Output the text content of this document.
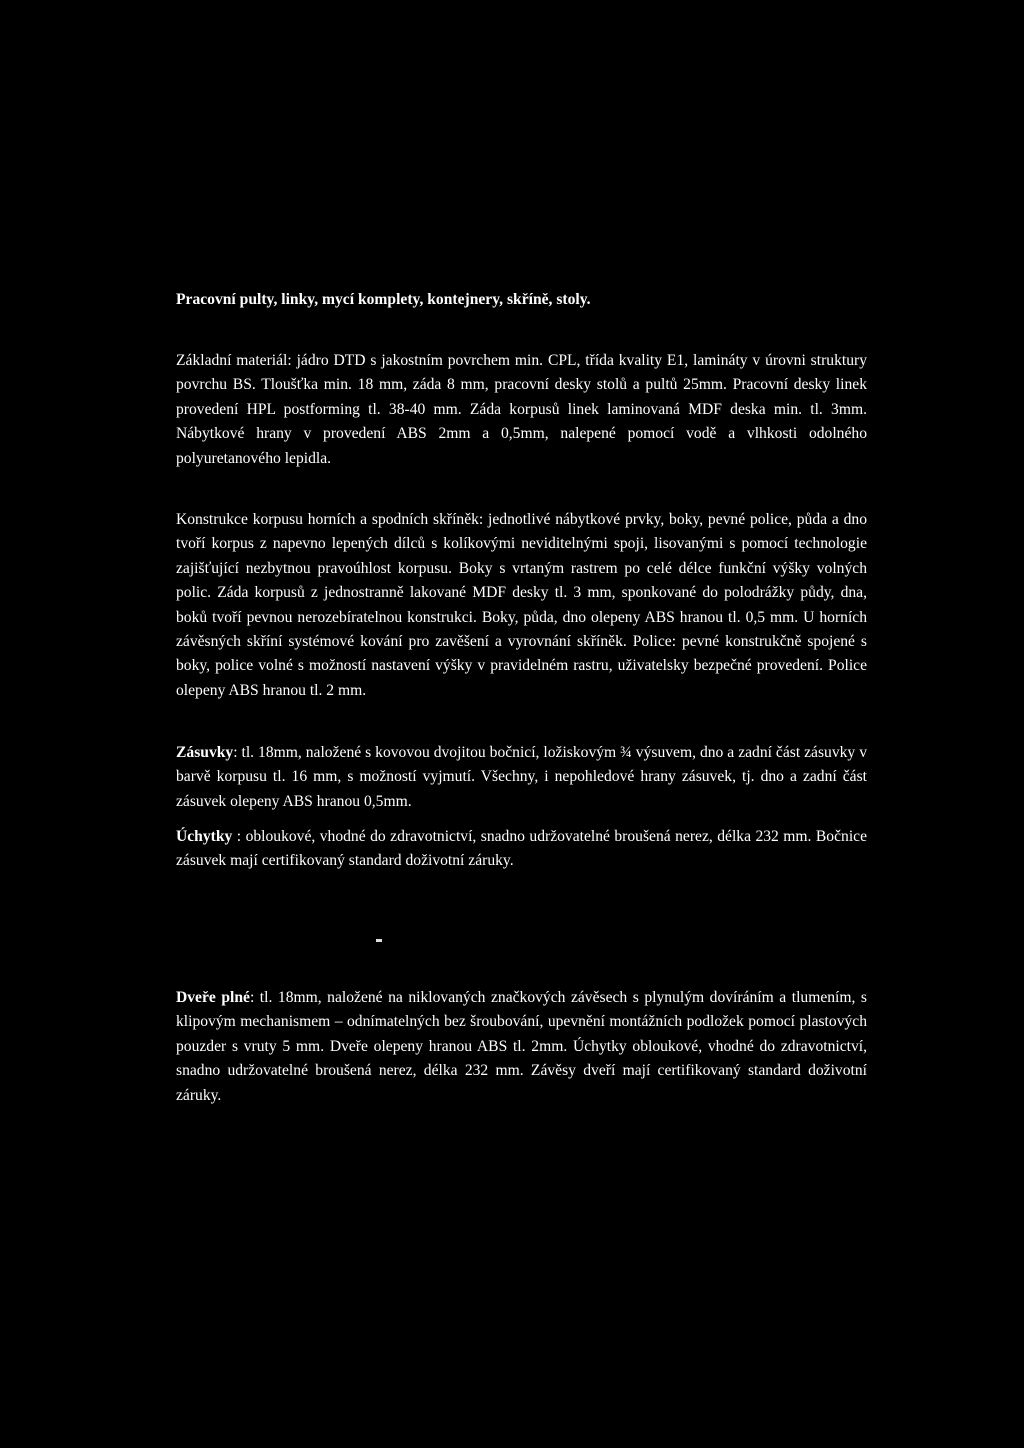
Pracovní pulty, linky, mycí komplety, kontejnery, skříně, stoly.
Základní materiál: jádro DTD s jakostním povrchem min. CPL, třída kvality E1, lamináty v úrovni struktury povrchu BS. Tloušťka min. 18 mm, záda 8 mm, pracovní desky stolů a pultů 25mm. Pracovní desky linek provedení HPL postforming tl. 38-40 mm. Záda korpusů linek laminovaná MDF deska min. tl. 3mm. Nábytkové hrany v provedení ABS 2mm a 0,5mm, nalepené pomocí vodě a vlhkosti odolného polyuretanového lepidla.
Konstrukce korpusu horních a spodních skříněk: jednotlivé nábytkové prvky, boky, pevné police, půda a dno tvoří korpus z napevno lepených dílců s kolíkovými neviditelnými spoji, lisovanými s pomocí technologie zajišťující nezbytnou pravoúhlost korpusu. Boky s vrtaným rastrem po celé délce funkční výšky volných polic. Záda korpusů z jednostranně lakované MDF desky tl. 3 mm, sponkované do polodrážky půdy, dna, boků tvoří pevnou nerozebíratelnou konstrukci. Boky, půda, dno olepeny ABS hranou tl. 0,5 mm. U horních závěsných skříní systémové kování pro zavěšení a vyrovnání skříněk. Police: pevné konstrukčně spojené s boky, police volné s možností nastavení výšky v pravidelném rastru, uživatelsky bezpečné provedení. Police olepeny ABS hranou tl. 2 mm.
Zásuvky: tl. 18mm, naložené s kovovou dvojitou bočnicí, ložiskovým ¾ výsuvem, dno a zadní část zásuvky v barvě korpusu tl. 16 mm, s možností vyjmutí. Všechny, i nepohledové hrany zásuvek, tj. dno a zadní část zásuvek olepeny ABS hranou 0,5mm.
Úchytky : obloukové, vhodné do zdravotnictví, snadno udržovatelné broušená nerez, délka 232 mm. Bočnice zásuvek mají certifikovaný standard doživotní záruky.
Dveře plné: tl. 18mm, naložené na niklovaných značkových závěsech s plynulým dovíráním a tlumením, s klipovým mechanismem – odnímatelných bez šroubování, upevnění montážních podložek pomocí plastových pouzder s vruty 5 mm. Dveře olepeny hranou ABS tl. 2mm. Úchytky obloukové, vhodné do zdravotnictví, snadno udržovatelné broušená nerez, délka 232 mm. Závěsy dveří mají certifikovaný standard doživotní záruky.
